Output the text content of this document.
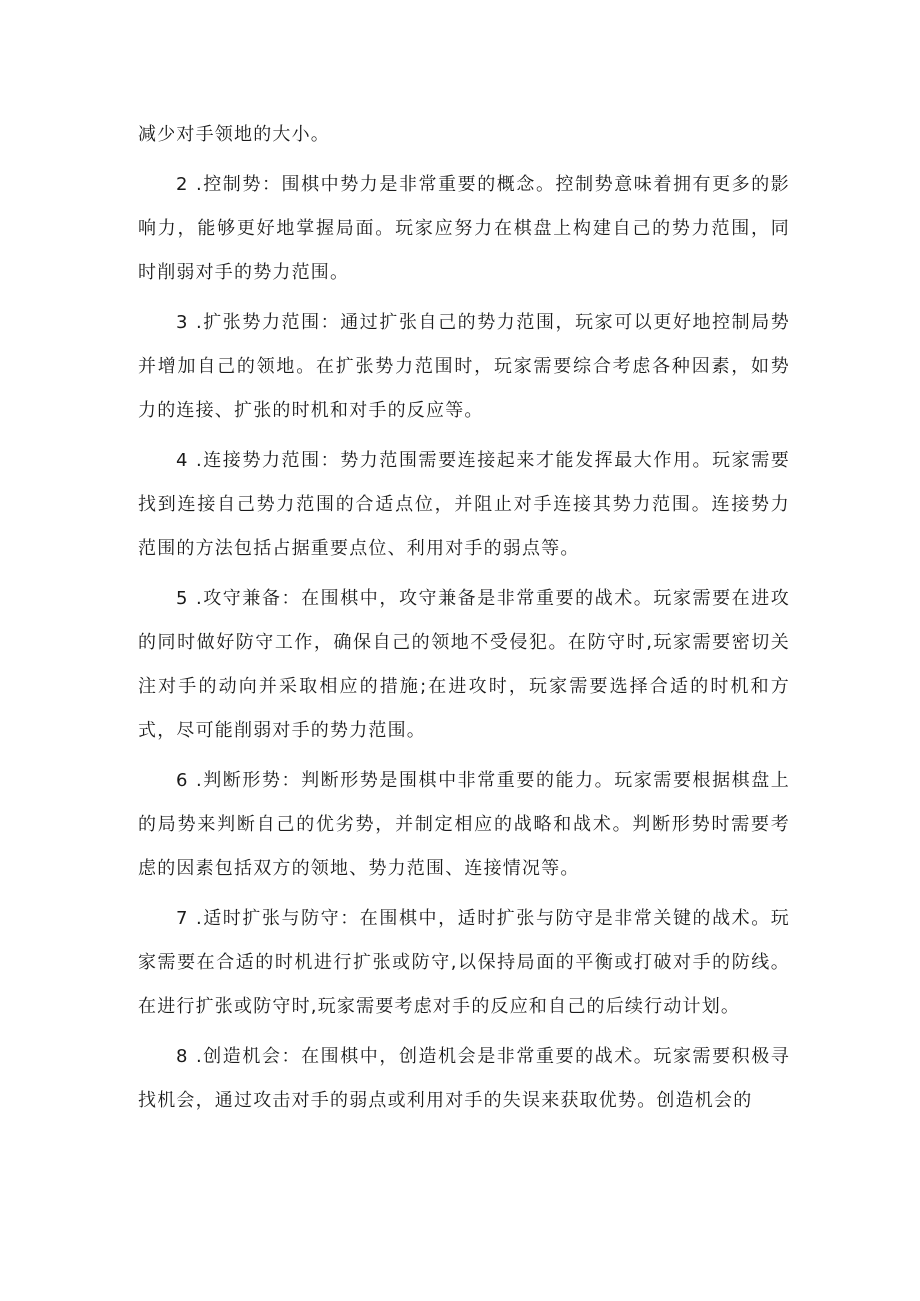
减少对手领地的大小。

2 .控制势：围棋中势力是非常重要的概念。控制势意味着拥有更多的影响力，能够更好地掌握局面。玩家应努力在棋盘上构建自己的势力范围，同时削弱对手的势力范围。

3 .扩张势力范围：通过扩张自己的势力范围，玩家可以更好地控制局势并增加自己的领地。在扩张势力范围时，玩家需要综合考虑各种因素，如势力的连接、扩张的时机和对手的反应等。

4 .连接势力范围：势力范围需要连接起来才能发挥最大作用。玩家需要找到连接自己势力范围的合适点位，并阻止对手连接其势力范围。连接势力范围的方法包括占据重要点位、利用对手的弱点等。

5 .攻守兼备：在围棋中，攻守兼备是非常重要的战术。玩家需要在进攻的同时做好防守工作，确保自己的领地不受侵犯。在防守时,玩家需要密切关注对手的动向并采取相应的措施;在进攻时，玩家需要选择合适的时机和方式，尽可能削弱对手的势力范围。

6 .判断形势：判断形势是围棋中非常重要的能力。玩家需要根据棋盘上的局势来判断自己的优劣势，并制定相应的战略和战术。判断形势时需要考虑的因素包括双方的领地、势力范围、连接情况等。

7 .适时扩张与防守：在围棋中，适时扩张与防守是非常关键的战术。玩家需要在合适的时机进行扩张或防守,以保持局面的平衡或打破对手的防线。在进行扩张或防守时,玩家需要考虑对手的反应和自己的后续行动计划。

8 .创造机会：在围棋中，创造机会是非常重要的战术。玩家需要积极寻找机会，通过攻击对手的弱点或利用对手的失误来获取优势。创造机会的
